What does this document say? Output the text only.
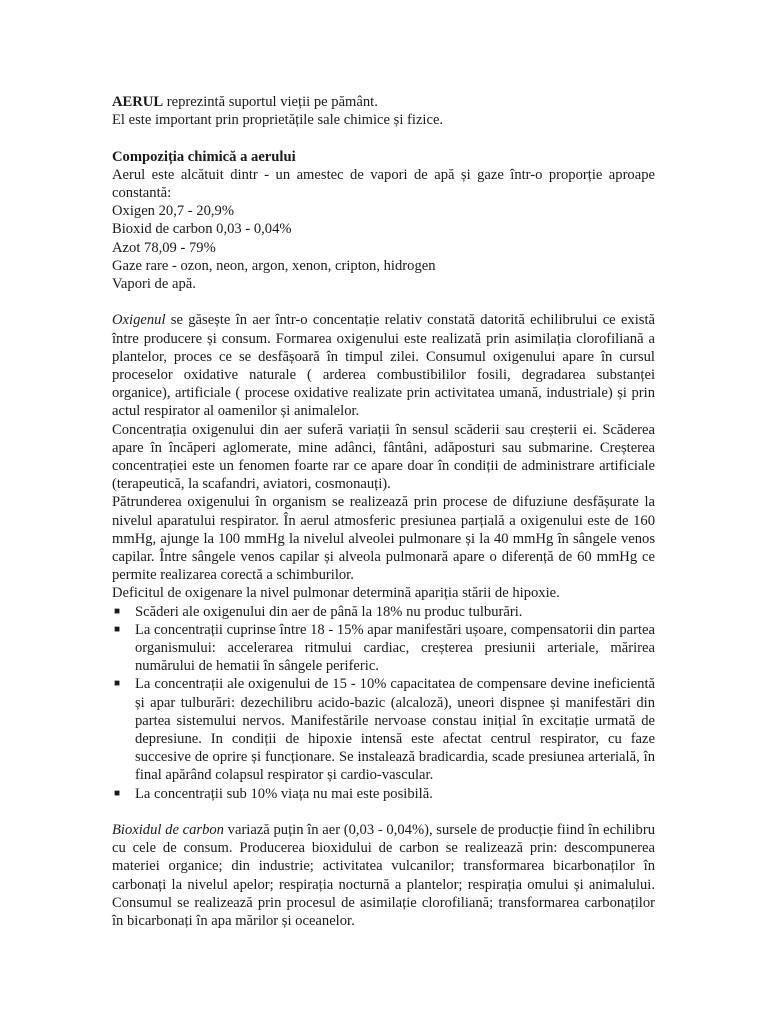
AERUL reprezintă suportul vieții pe pământ.

El este important prin proprietățile sale chimice și fizice.

Compoziția chimică a aerului

Aerul este alcătuit dintr - un amestec de vapori de apă și gaze într-o proporție aproape constantă:

Oxigen 20,7 - 20,9%

Bioxid de carbon 0,03 - 0,04%

Azot 78,09 - 79%

Gaze rare - ozon, neon, argon, xenon, cripton, hidrogen

Vapori de apă.

Oxigenul se găsește în aer într-o concentație relativ constată datorită echilibrului ce există între producere și consum. Formarea oxigenului este realizată prin asimilația clorofiliană a plantelor, proces ce se desfășoară în timpul zilei. Consumul oxigenului apare în cursul proceselor oxidative naturale ( arderea combustibililor fosili, degradarea substanței organice), artificiale ( procese oxidative realizate prin activitatea umană, industriale) și prin actul respirator al oamenilor și animalelor.

Concentrația oxigenului din aer suferă variații în sensul scăderii sau creșterii ei. Scăderea apare în încăperi aglomerate, mine adânci, fântâni, adăposturi sau submarine. Creșterea concentrației este un fenomen foarte rar ce apare doar în condiții de administrare artificiale (terapeutică, la scafandri, aviatori, cosmonauți).

Pătrunderea oxigenului în organism se realizează prin procese de difuziune desfășurate la nivelul aparatului respirator. În aerul atmosferic presiunea parțială a oxigenului este de 160 mmHg, ajunge la 100 mmHg la nivelul alveolei pulmonare și la 40 mmHg în sângele venos capilar. Între sângele venos capilar și alveola pulmonară apare o diferență de 60 mmHg ce permite realizarea corectă a schimburilor.

Deficitul de oxigenare la nivel pulmonar determină apariția stării de hipoxie.

■ Scăderi ale oxigenului din aer de până la 18% nu produc tulburări.
■ La concentrații cuprinse între 18 - 15% apar manifestări ușoare, compensatorii din partea organismului: accelerarea ritmului cardiac, creșterea presiunii arteriale, mărirea numărului de hematii în sângele periferic.
■ La concentrații ale oxigenului de 15 - 10% capacitatea de compensare devine ineficientă și apar tulburări: dezechilibru acido-bazic (alcaloză), uneori dispnee și manifestări din partea sistemului nervos. Manifestările nervoase constau inițial în excitație urmată de depresiune. In condiții de hipoxie intensă este afectat centrul respirator, cu faze succesive de oprire și funcționare. Se instalează bradicardia, scade presiunea arterială, în final apărând colapsul respirator și cardio-vascular.
■ La concentrații sub 10% viața nu mai este posibilă.

Bioxidul de carbon variază puțin în aer (0,03 - 0,04%), sursele de producție fiind în echilibru cu cele de consum. Producerea bioxidului de carbon se realizează prin: descompunerea materiei organice; din industrie; activitatea vulcanilor; transformarea bicarbonaților în carbonați la nivelul apelor; respirația nocturnă a plantelor; respirația omului și animalului. Consumul se realizează prin procesul de asimilație clorofiliană; transformarea carbonaților în bicarbonați în apa mărilor și oceanelor.
